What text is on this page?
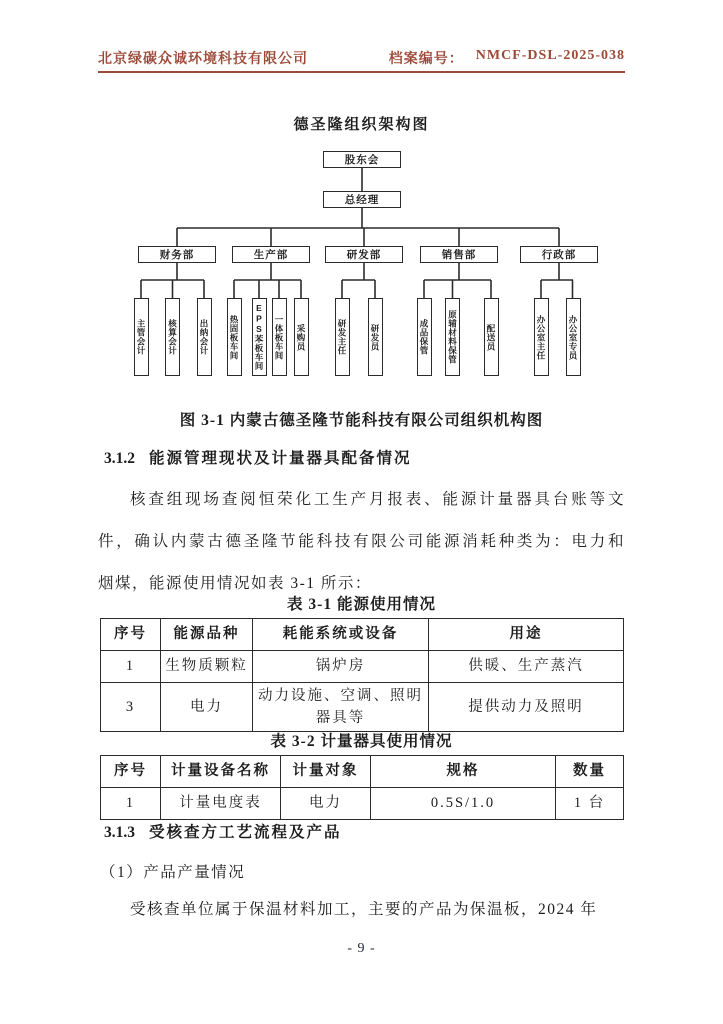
北京绿碳众诚环境科技有限公司	档案编号： NMCF-DSL-2025-038
德圣隆组织架构图
股东会
总经理
财务部	生产部	研发部	销售部	行政部
主管会计	核算会计	出纳会计 热固板车间 EPS苯板车间 一体板车间 采购员	研发主任	研发员	成品保管 原辅材料保管	配送员	办公室主任	办公室专员
图 3-1 内蒙古德圣隆节能科技有限公司组织机构图
3.1.2 能源管理现状及计量器具配备情况
核查组现场查阅恒荣化工生产月报表、能源计量器具台账等文
件，确认内蒙古德圣隆节能科技有限公司能源消耗种类为：电力和
烟煤，能源使用情况如表 3-1 所示：
表 3-1 能源使用情况
序号	能源品种	耗能系统或设备	用途
1	生物质颗粒	锅炉房	供暖、生产蒸汽
3	电力	动力设施、空调、照明器具等	提供动力及照明
表 3-2 计量器具使用情况
序号	计量设备名称	计量对象	规格	数量
1	计量电度表	电力	0.5S/1.0	1 台
3.1.3 受核查方工艺流程及产品
（1）产品产量情况
受核查单位属于保温材料加工，主要的产品为保温板，2024 年
- 9 -
